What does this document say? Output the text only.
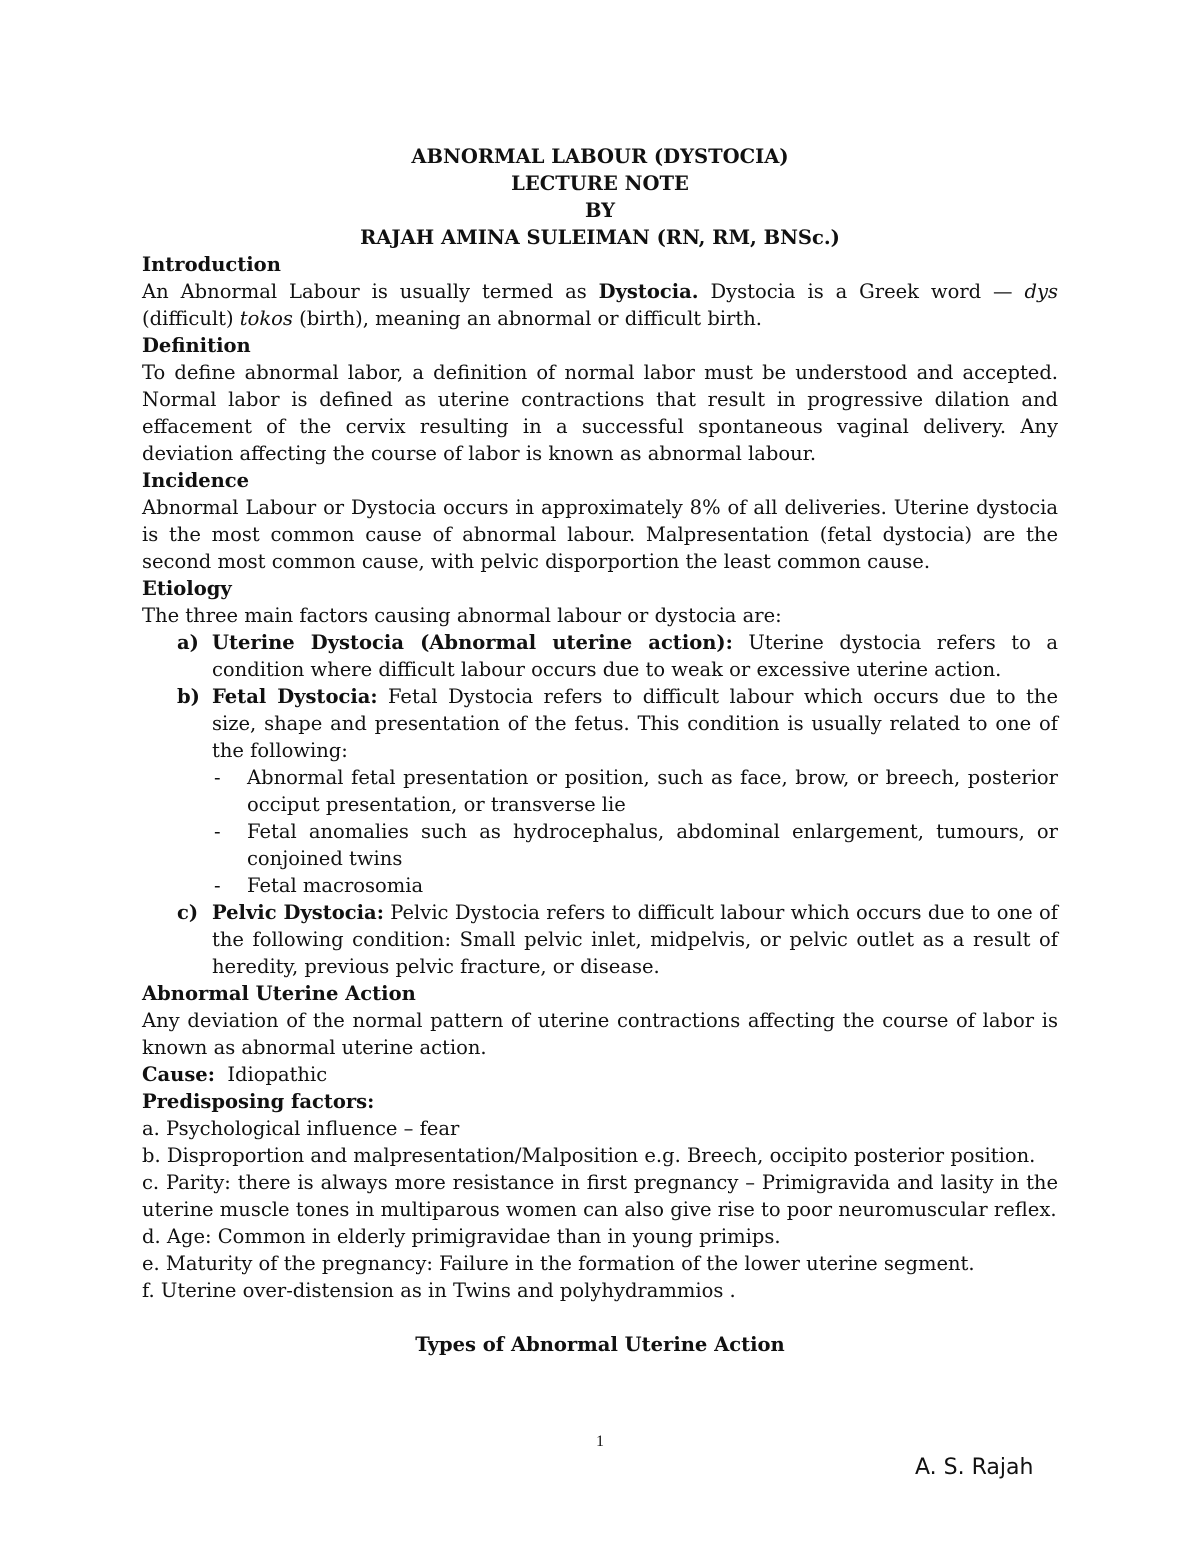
ABNORMAL LABOUR (DYSTOCIA)
LECTURE NOTE
BY
RAJAH AMINA SULEIMAN (RN, RM, BNSc.)

Introduction

An Abnormal Labour is usually termed as Dystocia. Dystocia is a Greek word — dys (difficult) tokos (birth), meaning an abnormal or difficult birth.

Definition

To define abnormal labor, a definition of normal labor must be understood and accepted. Normal labor is defined as uterine contractions that result in progressive dilation and effacement of the cervix resulting in a successful spontaneous vaginal delivery. Any deviation affecting the course of labor is known as abnormal labour.

Incidence

Abnormal Labour or Dystocia occurs in approximately 8% of all deliveries. Uterine dystocia is the most common cause of abnormal labour. Malpresentation (fetal dystocia) are the second most common cause, with pelvic disporportion the least common cause.

Etiology

The three main factors causing abnormal labour or dystocia are:

a) Uterine Dystocia (Abnormal uterine action): Uterine dystocia refers to a condition where difficult labour occurs due to weak or excessive uterine action.
b) Fetal Dystocia: Fetal Dystocia refers to difficult labour which occurs due to the size, shape and presentation of the fetus. This condition is usually related to one of the following:
- Abnormal fetal presentation or position, such as face, brow, or breech, posterior occiput presentation, or transverse lie
- Fetal anomalies such as hydrocephalus, abdominal enlargement, tumours, or conjoined twins
- Fetal macrosomia
c) Pelvic Dystocia: Pelvic Dystocia refers to difficult labour which occurs due to one of the following condition: Small pelvic inlet, midpelvis, or pelvic outlet as a result of heredity, previous pelvic fracture, or disease.

Abnormal Uterine Action

Any deviation of the normal pattern of uterine contractions affecting the course of labor is known as abnormal uterine action.

Cause:  Idiopathic

Predisposing factors:

a. Psychological influence – fear

b. Disproportion and malpresentation/Malposition e.g. Breech, occipito posterior position.

c. Parity: there is always more resistance in first pregnancy – Primigravida and lasity in the uterine muscle tones in multiparous women can also give rise to poor neuromuscular reflex.

d. Age: Common in elderly primigravidae than in young primips.

e. Maturity of the pregnancy: Failure in the formation of the lower uterine segment.

f. Uterine over-distension as in Twins and polyhydrammios .

Types of Abnormal Uterine Action

1
A. S. Rajah
